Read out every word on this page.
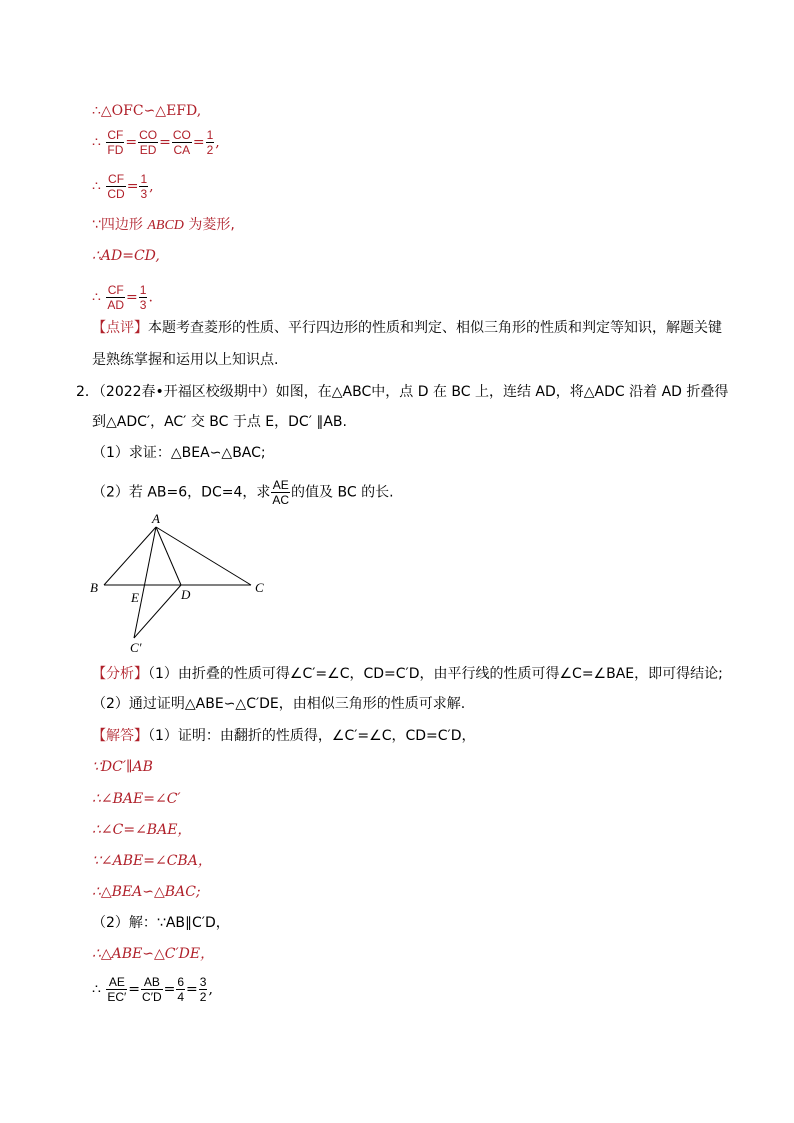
∴△OFC∽△EFD,
∴ $\frac{CF}{FD} = \frac{CO}{ED} = \frac{CO}{CA} = \frac{1}{2}$ ,
∴ $\frac{CF}{CD} = \frac{1}{3}$ ,
∵四边形 ABCD 为菱形,
∴AD=CD,
∴ $\frac{CF}{AD} = \frac{1}{3}$ .
【点评】本题考查菱形的性质、平行四边形的性质和判定、相似三角形的性质和判定等知识，解题关键
是熟练掌握和运用以上知识点.
2．（2022春•开福区校级期中）如图，在△ABC中，点 D 在 BC 上，连结 AD，将△ADC 沿着 AD 折叠得
到△ADC′，AC′ 交 BC 于点 E，DC′ ∥AB.
（1）求证：△BEA∽△BAC;
（2）若 AB=6，DC=4，求 $\frac{AE}{AC}$ 的值及 BC 的长.
A
B	C
D
E
C′
【分析】（1）由折叠的性质可得∠C′=∠C，CD=C′D，由平行线的性质可得∠C=∠BAE，即可得结论;
（2）通过证明△ABE∽△C′DE，由相似三角形的性质可求解.
【解答】（1）证明：由翻折的性质得，∠C′=∠C，CD=C′D，
∵DC′∥AB
∴∠BAE=∠C′
∴∠C=∠BAE，
∵∠ABE=∠CBA，
∴△BEA∽△BAC;
（2）解：∵AB∥C′D，
∴△ABE∽△C′DE，
∴ $\frac{AE}{EC'} = \frac{AB}{C'D} = \frac{6}{4} = \frac{3}{2}$ ,
